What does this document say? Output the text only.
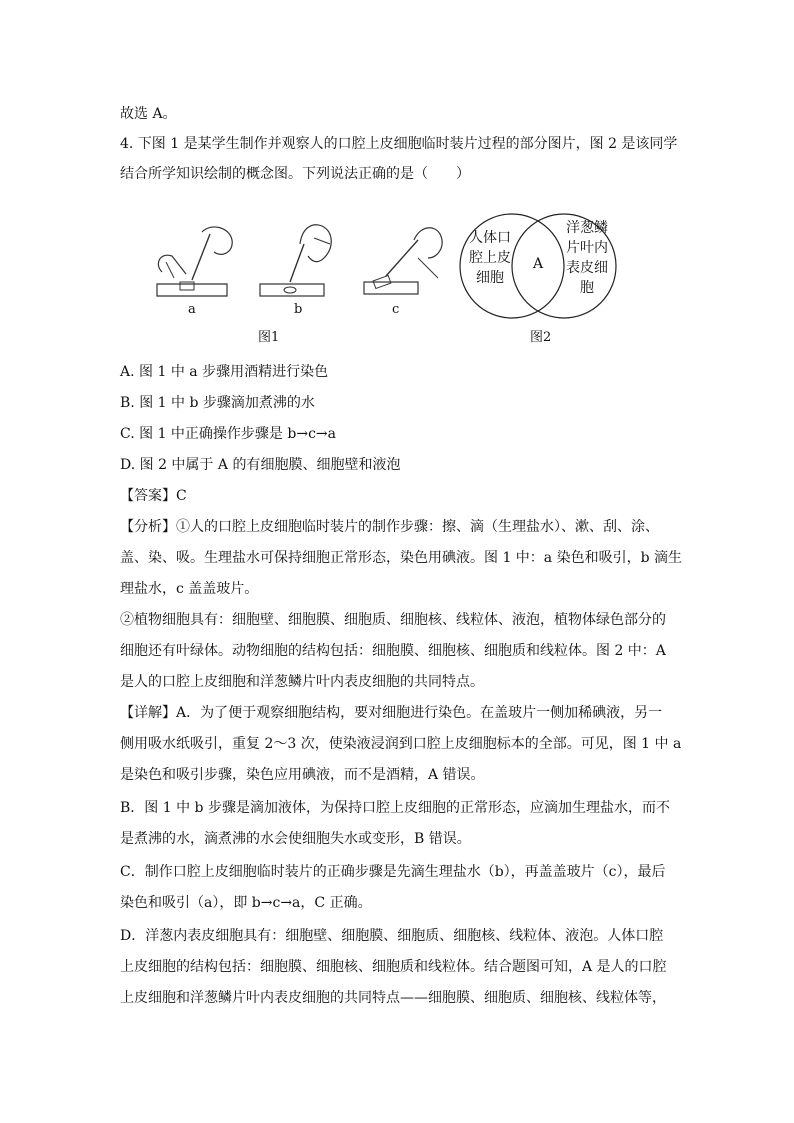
故选 A。
4. 下图 1 是某学生制作并观察人的口腔上皮细胞临时装片过程的部分图片，图 2 是该同学
结合所学知识绘制的概念图。下列说法正确的是（　　）
a	b	c
图1
人体口
腔上皮
细胞
A
洋葱鳞
片叶内
表皮细
胞
图2
A. 图 1 中 a 步骤用酒精进行染色
B. 图 1 中 b 步骤滴加煮沸的水
C. 图 1 中正确操作步骤是 b→c→a
D. 图 2 中属于 A 的有细胞膜、细胞壁和液泡
【答案】C
【分析】①人的口腔上皮细胞临时装片的制作步骤：擦、滴（生理盐水）、漱、刮、涂、
盖、染、吸。生理盐水可保持细胞正常形态，染色用碘液。图 1 中：a 染色和吸引，b 滴生
理盐水，c 盖盖玻片。
②植物细胞具有：细胞壁、细胞膜、细胞质、细胞核、线粒体、液泡，植物体绿色部分的
细胞还有叶绿体。动物细胞的结构包括：细胞膜、细胞核、细胞质和线粒体。图 2 中：A
是人的口腔上皮细胞和洋葱鳞片叶内表皮细胞的共同特点。
【详解】A．为了便于观察细胞结构，要对细胞进行染色。在盖玻片一侧加稀碘液，另一
侧用吸水纸吸引，重复 2～3 次，使染液浸润到口腔上皮细胞标本的全部。可见，图 1 中 a
是染色和吸引步骤，染色应用碘液，而不是酒精，A 错误。
B．图 1 中 b 步骤是滴加液体，为保持口腔上皮细胞的正常形态，应滴加生理盐水，而不
是煮沸的水，滴煮沸的水会使细胞失水或变形，B 错误。
C．制作口腔上皮细胞临时装片的正确步骤是先滴生理盐水（b），再盖盖玻片（c），最后
染色和吸引（a），即 b→c→a，C 正确。
D．洋葱内表皮细胞具有：细胞壁、细胞膜、细胞质、细胞核、线粒体、液泡。人体口腔
上皮细胞的结构包括：细胞膜、细胞核、细胞质和线粒体。结合题图可知，A 是人的口腔
上皮细胞和洋葱鳞片叶内表皮细胞的共同特点——细胞膜、细胞质、细胞核、线粒体等，
